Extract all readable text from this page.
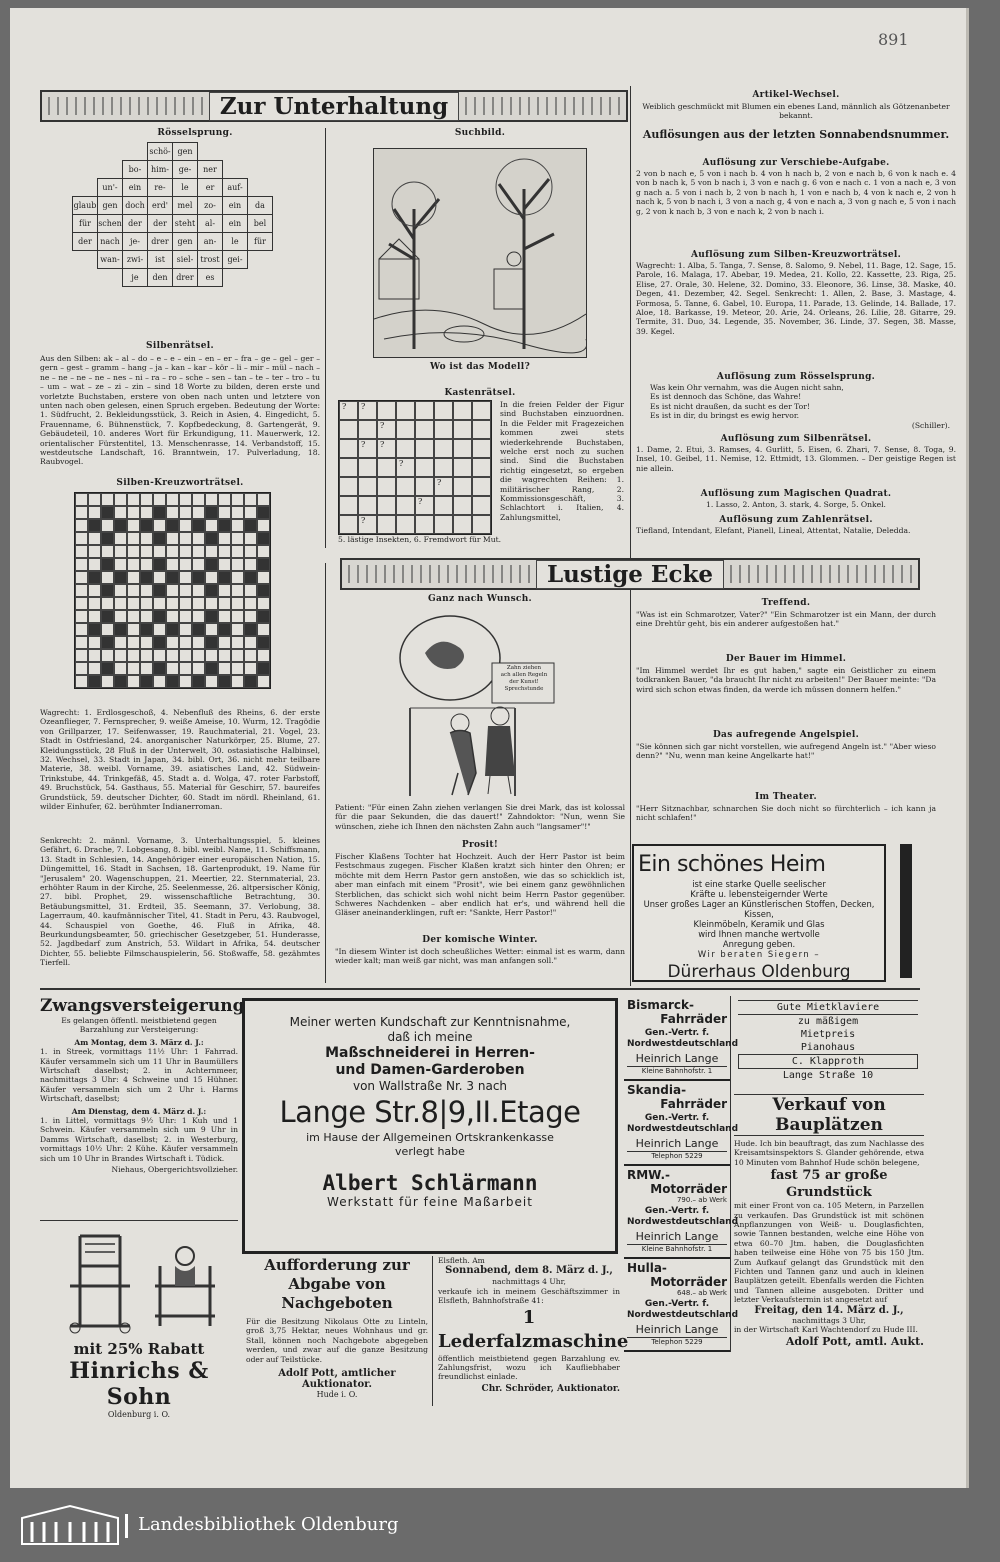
891
Zur Unterhaltung
Rösselsprung.
			schö-	gen			
		bo-	him-	ge-	ner		
	un'-	ein	re-	le	er	auf-	
glaub	gen	doch	erd'	mel	zo-	ein	da
für	schen	der	der	steht	al-	ein	bel
der	nach	je-	drer	gen	an-	le	für
	wan-	zwi-	ist	siel-	trost	gei-	
		je	den	drer	es		
Silbenrätsel.

Aus den Silben: ak – al – do – e – e – ein – en – er – fra – ge – gel – ger – gern – gest – gramm – hang – ja – kan – kar – kör – li – mir – mül – nach – ne – ne – ne – ne – nes – ni – ra – ro – sche – sen – tan – te – ter – tro – tu – um – wat – ze – zi – zin – sind 18 Worte zu bilden, deren erste und vorletzte Buchstaben, erstere von oben nach unten und letztere von unten nach oben gelesen, einen Spruch ergeben. Bedeutung der Worte: 1. Südfrucht, 2. Bekleidungsstück, 3. Reich in Asien, 4. Eingedicht, 5. Frauenname, 6. Bühnenstück, 7. Kopfbedeckung, 8. Gartengerät, 9. Gebäudeteil, 10. anderes Wort für Erkundigung, 11. Mauerwerk, 12. orientalischer Fürstentitel, 13. Menschenrasse, 14. Verbandstoff, 15. westdeutsche Landschaft, 16. Branntwein, 17. Pulverladung, 18. Raubvogel.

Silben-Kreuzworträtsel.

Wagrecht: 1. Erdlosgeschoß, 4. Nebenfluß des Rheins, 6. der erste Ozeanflieger, 7. Fernsprecher, 9. weiße Ameise, 10. Wurm, 12. Tragödie von Grillparzer, 17. Seifenwasser, 19. Rauchmaterial, 21. Vogel, 23. Stadt in Ostfriesland, 24. anorganischer Naturkörper, 25. Blume, 27. Kleidungsstück, 28 Fluß in der Unterwelt, 30. ostasiatische Halbinsel, 32. Wechsel, 33. Stadt in Japan, 34. bibl. Ort, 36. nicht mehr teilbare Materie, 38. weibl. Vorname, 39. asiatisches Land, 42. Südwein-Trinkstube, 44. Trinkgefäß, 45. Stadt a. d. Wolga, 47. roter Farbstoff, 49. Bruchstück, 54. Gasthaus, 55. Material für Geschirr, 57. baureifes Grundstück, 59. deutscher Dichter, 60. Stadt im nördl. Rheinland, 61. wilder Einhufer, 62. berühmter Indianerroman.

Senkrecht: 2. männl. Vorname, 3. Unterhaltungsspiel, 5. kleines Gefährt, 6. Drache, 7. Lobgesang, 8. bibl. weibl. Name, 11. Schiffsmann, 13. Stadt in Schlesien, 14. Angehöriger einer europäischen Nation, 15. Düngemittel, 16. Stadt in Sachsen, 18. Gartenprodukt, 19. Name für "Jerusalem" 20. Wagenschuppen, 21. Meertier, 22. Sternmaterial, 23. erhöhter Raum in der Kirche, 25. Seelenmesse, 26. altpersischer König, 27. bibl. Prophet, 29. wissenschaftliche Betrachtung, 30. Betäubungsmittel, 31. Erdteil, 35. Seemann, 37. Verlobung, 38. Lagerraum, 40. kaufmännischer Titel, 41. Stadt in Peru, 43. Raubvogel, 44. Schauspiel von Goethe, 46. Fluß in Afrika, 48. Beurkundungsbeamter, 50. griechischer Gesetzgeber, 51. Hunderasse, 52. Jagdbedarf zum Anstrich, 53. Wildart in Afrika, 54. deutscher Dichter, 55. beliebte Filmschauspielerin, 56. Stoßwaffe, 58. gezähmtes Tierfell.

Suchbild.
Wo ist das Modell?
Kastenrätsel.
?	?
?
?	?
?
?
?
?

In die freien Felder der Figur sind Buchstaben einzuordnen. In die Felder mit Fragezeichen kommen zwei stets wiederkehrende Buchstaben, welche erst noch zu suchen sind. Sind die Buchstaben richtig eingesetzt, so ergeben die wagrechten Reihen: 1. militärischer Rang, 2. Kommissionsgeschäft, 3. Schlachtort i. Italien, 4. Zahlungsmittel,

5. lästige Insekten, 6. Fremdwort für Mut.

Artikel-Wechsel.

Weiblich geschmückt mit Blumen ein ebenes Land, männlich als Götzenanbeter bekannt.

Auflösungen aus der letzten Sonnabendsnummer.
Auflösung zur Verschiebe-Aufgabe.

2 von b nach e, 5 von i nach b. 4 von h nach b, 2 von e nach b, 6 von k nach e. 4 von b nach k, 5 von b nach i, 3 von e nach g. 6 von e nach c. 1 von a nach e, 3 von g nach a. 5 von i nach b, 2 von b nach h, 1 von e nach b, 4 von k nach e, 2 von h nach k, 5 von b nach i, 3 von a nach g, 4 von e nach a, 3 von g nach e, 5 von i nach g, 2 von k nach b, 3 von e nach k, 2 von b nach i.

Auflösung zum Silben-Kreuzworträtsel.

Wagrecht: 1. Alba, 5. Tanga, 7. Sense, 8. Salomo, 9. Nebel, 11. Bage, 12. Sage, 15. Parole, 16. Malaga, 17. Abebar, 19. Medea, 21. Kollo, 22. Kassette, 23. Riga, 25. Elise, 27. Orale, 30. Helene, 32. Domino, 33. Eleonore, 36. Linse, 38. Maske, 40. Degen, 41. Dezember, 42. Segel. Senkrecht: 1. Allen, 2. Base, 3. Mastage, 4. Formosa, 5. Tanne, 6. Gabel, 10. Europa, 11. Parade, 13. Gelinde, 14. Ballade, 17. Aloe, 18. Barkasse, 19. Meteor, 20. Arie, 24. Orleans, 26. Lilie, 28. Gitarre, 29. Termite, 31. Duo, 34. Legende, 35. November, 36. Linde, 37. Segen, 38. Masse, 39. Kegel.

Auflösung zum Rösselsprung.

Was kein Ohr vernahm, was die Augen nicht sahn,

Es ist dennoch das Schöne, das Wahre!

Es ist nicht draußen, da sucht es der Tor!

Es ist in dir, du bringst es ewig hervor.

(Schiller).

Auflösung zum Silbenrätsel.

1. Dame, 2. Etui, 3. Ramses, 4. Gurlitt, 5. Eisen, 6. Zhari, 7. Sense, 8. Toga, 9. Insel, 10. Geibel, 11. Nemise, 12. Ettmidt, 13. Glommen. – Der geistige Regen ist nie allein.

Auflösung zum Magischen Quadrat.

1. Lasso, 2. Anton, 3. stark, 4. Sorge, 5. Onkel.

Auflösung zum Zahlenrätsel.

Tiefland, Intendant, Elefant, Pianell, Lineal, Attentat, Natalie, Deledda.

Lustige Ecke
Ganz nach Wunsch.
Zahn ziehen
ach allen Regeln
der Kunst!
Sprechstunde

Patient: "Für einen Zahn ziehen verlangen Sie drei Mark, das ist kolossal für die paar Sekunden, die das dauert!" Zahndoktor: "Nun, wenn Sie wünschen, ziehe ich Ihnen den nächsten Zahn auch "langsamer"!"

Prosit!

Fischer Klaßens Tochter hat Hochzeit. Auch der Herr Pastor ist beim Festschmaus zugegen. Fischer Klaßen kratzt sich hinter den Ohren; er möchte mit dem Herrn Pastor gern anstoßen, wie das so schicklich ist, aber man einfach mit einem "Prosit", wie bei einem ganz gewöhnlichen Sterblichen, das schickt sich wohl nicht beim Herrn Pastor gegenüber. Schweres Nachdenken – aber endlich hat er's, und während hell die Gläser aneinanderklingen, ruft er: "Sankte, Herr Pastor!"

Der komische Winter.

"In diesem Winter ist doch scheußliches Wetter: einmal ist es warm, dann wieder kalt; man weiß gar nicht, was man anfangen soll."

Treffend.

"Was ist ein Schmarotzer, Vater?" "Ein Schmarotzer ist ein Mann, der durch eine Drehtür geht, bis ein anderer aufgestoßen hat."

Der Bauer im Himmel.

"Im Himmel werdet Ihr es gut haben," sagte ein Geistlicher zu einem todkranken Bauer, "da braucht Ihr nicht zu arbeiten!" Der Bauer meinte: "Da wird sich schon etwas finden, da werde ich müssen donnern helfen."

Das aufregende Angelspiel.

"Sie können sich gar nicht vorstellen, wie aufregend Angeln ist." "Aber wieso denn?" "Nu, wenn man keine Angelkarte hat!"

Im Theater.

"Herr Sitznachbar, schnarchen Sie doch nicht so fürchterlich – ich kann ja nicht schlafen!"

Ein schönes Heim
ist eine starke Quelle seelischer
Kräfte u. lebensteigernder Werte
Unser großes Lager an Künstlerischen Stoffen, Decken, Kissen,
Kleinmöbeln, Keramik und Glas
wird Ihnen manche wertvolle
Anregung geben.
Wir beraten Siegern –
Dürerhaus Oldenburg
Zwangsversteigerung

Es gelangen öffentl. meistbietend gegen Barzahlung zur Versteigerung:

Am Montag, dem 3. März d. J.:

1. in Streek, vormittags 11½ Uhr: 1 Fahrrad. Käufer versammeln sich um 11 Uhr in Baumüllers Wirtschaft daselbst; 2. in Achternmeer, nachmittags 3 Uhr: 4 Schweine und 15 Hühner. Käufer versammeln sich um 2 Uhr i. Harms Wirtschaft, daselbst;

Am Dienstag, dem 4. März d. J.:

1. in Littel, vormittags 9½ Uhr: 1 Kuh und 1 Schwein. Käufer versammeln sich um 9 Uhr in Damms Wirtschaft, daselbst; 2. in Westerburg, vormittags 10½ Uhr: 2 Kühe. Käufer versammeln sich um 10 Uhr in Brandes Wirtschaft i. Tüdick.

Niehaus, Obergerichtsvollzieher.

mit 25% Rabatt
Hinrichs & Sohn
Oldenburg i. O.
Meiner werten Kundschaft zur Kenntnisnahme,
daß ich meine
Maßschneiderei in Herren-
und Damen-Garderoben
von Wallstraße Nr. 3 nach
Lange Str.8|9,II.Etage
im Hause der Allgemeinen Ortskrankenkasse
verlegt habe
Albert Schlärmann
Werkstatt für feine Maßarbeit
Aufforderung zur Abgabe von Nachgeboten

Für die Besitzung Nikolaus Otte zu Linteln, groß 3,75 Hektar, neues Wohnhaus und gr. Stall, können noch Nachgebote abgegeben werden, und zwar auf die ganze Besitzung oder auf Teilstücke.

Adolf Pott, amtlicher Auktionator.
Hude i. O.

Elsfleth. Am

Sonnabend, dem 8. März d. J.,

nachmittags 4 Uhr,

verkaufe ich in meinem Geschäftszimmer in Elsfleth, Bahnhofstraße 41:

1 Lederfalzmaschine

öffentlich meistbietend gegen Barzahlung ev. Zahlungsfrist, wozu ich Kaufliebhaber freundlichst einlade.

Chr. Schröder, Auktionator.

Bismarck-
Fahrräder
Gen.-Vertr. f. Nordwestdeutschland
Heinrich Lange
Kleine Bahnhofstr. 1
Skandia-
Fahrräder
Gen.-Vertr. f. Nordwestdeutschland
Heinrich Lange
Telephon 5229
RMW.-
Motorräder
790.– ab Werk
Gen.-Vertr. f. Nordwestdeutschland
Heinrich Lange
Kleine Bahnhofstr. 1
Hulla-
Motorräder
648.– ab Werk
Gen.-Vertr. f. Nordwestdeutschland
Heinrich Lange
Telephon 5229
Gute Mietklaviere
zu mäßigem
Mietpreis
Pianohaus
C. Klapproth
Lange Straße 10
Verkauf von Bauplätzen

Hude. Ich bin beauftragt, das zum Nachlasse des Kreisamtsinspektors S. Glander gehörende, etwa 10 Minuten vom Bahnhof Hude schön belegene,

fast 75 ar große Grundstück

mit einer Front von ca. 105 Metern, in Parzellen zu verkaufen. Das Grundstück ist mit schönen Anpflanzungen von Weiß- u. Douglasfichten, sowie Tannen bestanden, welche eine Höhe von etwa 60–70 Jtm. haben, die Douglasfichten haben teilweise eine Höhe von 75 bis 150 Jtm. Zum Aufkauf gelangt das Grundstück mit den Fichten und Tannen ganz und auch in kleinen Bauplätzen geteilt. Ebenfalls werden die Fichten und Tannen alleine ausgeboten. Dritter und letzter Verkaufstermin ist angesetzt auf

Freitag, den 14. März d. J.,

nachmittags 3 Uhr,

in der Wirtschaft Karl Wachtendorf zu Hude III.

Adolf Pott, amtl. Aukt.
Landesbibliothek Oldenburg
